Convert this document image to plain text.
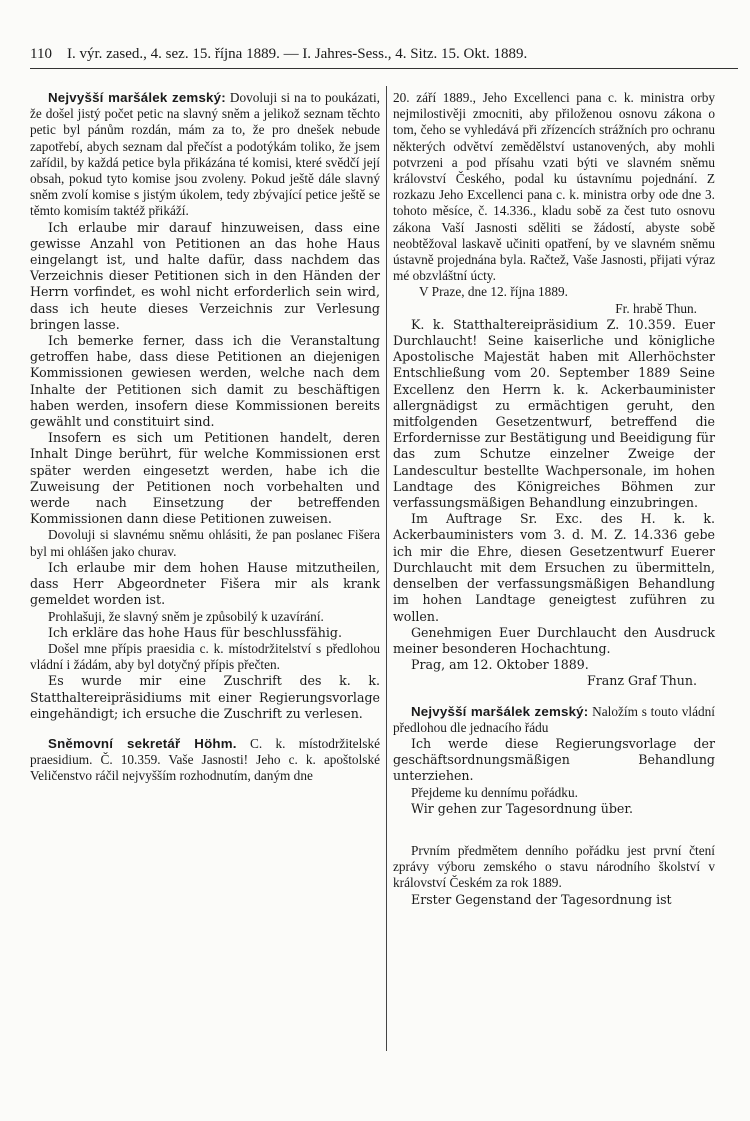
110 I. výr. zased., 4. sez. 15. října 1889. — I. Jahres-Sess., 4. Sitz. 15. Okt. 1889.

Nejvyšší maršálek zemský: Dovoluji si na to poukázati, že došel jistý počet petic na slavný sněm a jelikož seznam těchto petic byl pánům rozdán, mám za to, že pro dnešek nebude zapotřebí, abych seznam dal přečíst a podotýkám toliko, že jsem zařídil, by každá petice byla přikázána té komisi, které svědčí její obsah, pokud tyto komise jsou zvoleny. Pokud ještě dále slavný sněm zvolí komise s jistým úkolem, tedy zbývající petice ještě se těmto komisím taktéž přikáží.

Ich erlaube mir darauf hinzuweisen, dass eine gewisse Anzahl von Petitionen an das hohe Haus eingelangt ist, und halte dafür, dass nachdem das Verzeichnis dieser Petitionen sich in den Händen der Herrn vorfindet, es wohl nicht erforderlich sein wird, dass ich heute dieses Verzeichnis zur Verlesung bringen lasse.

Ich bemerke ferner, dass ich die Veranstaltung getroffen habe, dass diese Petitionen an diejenigen Kommissionen gewiesen werden, welche nach dem Inhalte der Petitionen sich damit zu beschäftigen haben werden, insofern diese Kommissionen bereits gewählt und constituirt sind.

Insofern es sich um Petitionen handelt, deren Inhalt Dinge berührt, für welche Kommissionen erst später werden eingesetzt werden, habe ich die Zuweisung der Petitionen noch vorbehalten und werde nach Einsetzung der betreffenden Kommissionen dann diese Petitionen zuweisen.

Dovoluji si slavnému sněmu ohlásiti, že pan poslanec Fišera byl mi ohlášen jako churav.

Ich erlaube mir dem hohen Hause mitzutheilen, dass Herr Abgeordneter Fišera mir als krank gemeldet worden ist.

Prohlašuji, že slavný sněm je způsobilý k uzavírání.

Ich erkläre das hohe Haus für beschlussfähig.

Došel mne přípis praesidia c. k. místodržitelství s předlohou vládní i žádám, aby byl dotyčný přípis přečten.

Es wurde mir eine Zuschrift des k. k. Statthaltereipräsidiums mit einer Regierungsvorlage eingehändigt; ich ersuche die Zuschrift zu verlesen.

Sněmovní sekretář Höhm. C. k. místodržitelské praesidium. Č. 10.359. Vaše Jasnosti! Jeho c. k. apoštolské Veličenstvo ráčil nejvyšším rozhodnutím, daným dne

20. září 1889., Jeho Excellenci pana c. k. ministra orby nejmilostivěji zmocniti, aby přiloženou osnovu zákona o tom, čeho se vyhledává při zřízencích strážních pro ochranu některých odvětví zemědělství ustanovených, aby mohli potvrzeni a pod přísahu vzati býti ve slavném sněmu království Českého, podal ku ústavnímu pojednání. Z rozkazu Jeho Excellenci pana c. k. ministra orby ode dne 3. tohoto měsíce, č. 14.336., kladu sobě za čest tuto osnovu zákona Vaší Jasnosti sděliti se žádostí, abyste sobě neobtěžoval laskavě učiniti opatření, by ve slavném sněmu ústavně projednána byla. Račtež, Vaše Jasnosti, přijati výraz mé obzvláštní úcty.

V Praze, dne 12. října 1889.

Fr. hrabě Thun.

K. k. Statthaltereipräsidium Z. 10.359. Euer Durchlaucht! Seine kaiserliche und königliche Apostolische Majestät haben mit Allerhöchster Entschließung vom 20. September 1889 Seine Excellenz den Herrn k. k. Ackerbauminister allergnädigst zu ermächtigen geruht, den mitfolgenden Gesetzentwurf, betreffend die Erfordernisse zur Bestätigung und Beeidigung für das zum Schutze einzelner Zweige der Landescultur bestellte Wachpersonale, im hohen Landtage des Königreiches Böhmen zur verfassungsmäßigen Behandlung einzubringen.

Im Auftrage Sr. Exc. des H. k. k. Ackerbauministers vom 3. d. M. Z. 14.336 gebe ich mir die Ehre, diesen Gesetzentwurf Euerer Durchlaucht mit dem Ersuchen zu übermitteln, denselben der verfassungsmäßigen Behandlung im hohen Landtage geneigtest zuführen zu wollen.

Genehmigen Euer Durchlaucht den Ausdruck meiner besonderen Hochachtung.

Prag, am 12. Oktober 1889.

Franz Graf Thun.

Nejvyšší maršálek zemský: Naložím s touto vládní předlohou dle jednacího řádu

Ich werde diese Regierungsvorlage der geschäftsordnungsmäßigen Behandlung unterziehen.

Přejdeme ku dennímu pořádku.

Wir gehen zur Tagesordnung über.

Prvním předmětem denního pořádku jest první čtení zprávy výboru zemského o stavu národního školství v království Českém za rok 1889.

Erster Gegenstand der Tagesordnung ist
